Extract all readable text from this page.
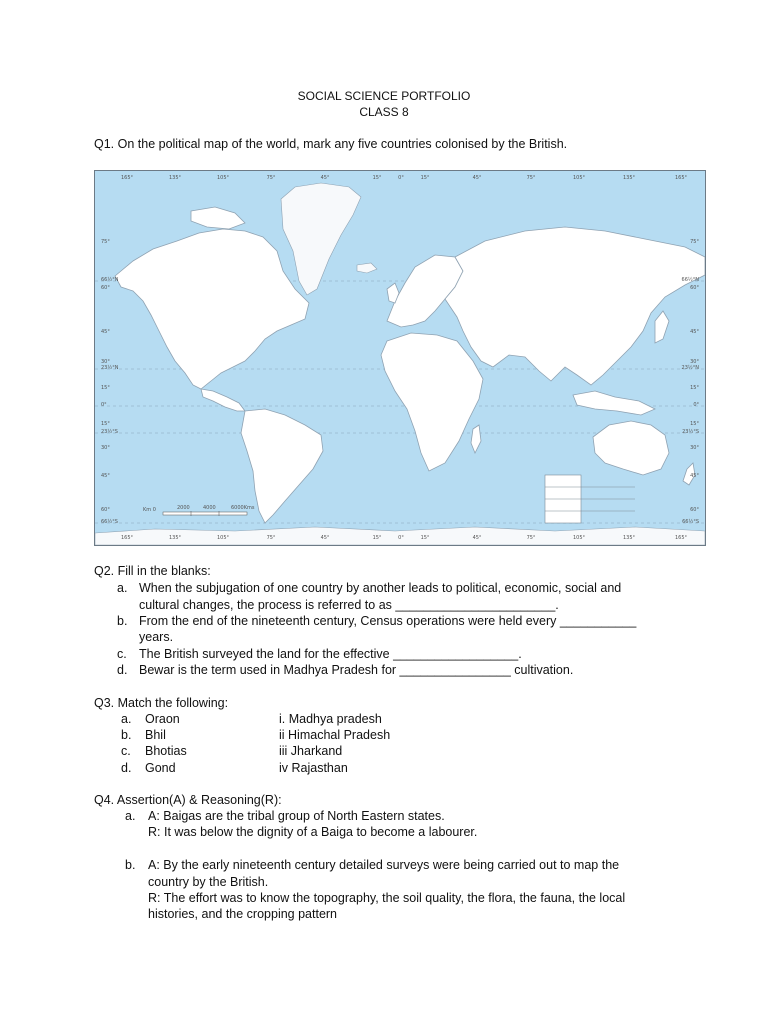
SOCIAL SCIENCE PORTFOLIO
CLASS 8
Q1. On the political map of the world, mark any five countries colonised by the British.
165°	135°	105°	75°	45°	15°	0°	15°	45°	75°	105°	135°	165°
165°	135°	105°	75°	45°	15°	0°	15°	45°	75°	105°	135°	165°
75°
66½°N
60°
45°
30°
23½°N
15°
0°
15°
23½°S
30°
45°
60°
66½°S
75°
66½°N
60°
45°
30°
23½°N
15°
0°
15°
23½°S
30°
45°
60°
66½°S
Km 0	2000	4000	6000Kms
Q2. Fill in the blanks:
a. When the subjugation of one country by another leads to political, economic, social and
cultural changes, the process is referred to as _______________________.
b. From the end of the nineteenth century, Census operations were held every ___________
years.
c. The British surveyed the land for the effective __________________.
d. Bewar is the term used in Madhya Pradesh for ________________ cultivation.
Q3. Match the following:
a. Oraon	i. Madhya pradesh
b. Bhil	ii Himachal Pradesh
c. Bhotias	iii Jharkand
d. Gond	iv Rajasthan
Q4. Assertion(A) & Reasoning(R):
a. A: Baigas are the tribal group of North Eastern states.
R: It was below the dignity of a Baiga to become a labourer.
b. A: By the early nineteenth century detailed surveys were being carried out to map the
country by the British.
R: The effort was to know the topography, the soil quality, the flora, the fauna, the local
histories, and the cropping pattern
